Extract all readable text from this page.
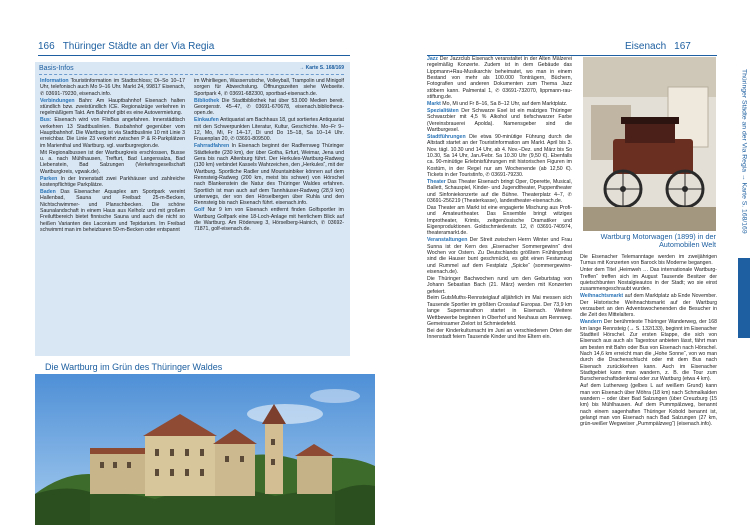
166 Thüringer Städte an der Via Regia
Basis-Infos	→ Karte S. 168/169

Information Touristinformation im Stadtschloss; Di–So 10–17 Uhr, telefonisch auch Mo 9–16 Uhr. Markt 24, 99817 Eisenach, ✆ 03691-79230, eisenach.info.

Verbindungen Bahn: Am Hauptbahnhof Eisenach halten stündlich bzw. zweistündlich ICE. Regionalzüge verkehren in regelmäßigem Takt. Am Bahnhof gibt es eine Autovermietung.

Bus: Eisenach wird von FlixBus angefahren. Innerstädtisch verkehren 13 Stadtbuslinien. Busbahnhof gegenüber vom Hauptbahnhof. Die Wartburg ist via Stadtbuslinie 10 mit Linie 3 erreichbar. Die Linie 23 verkehrt zwischen P & R-Parkplätzen im Marienthal und Wartburg. vgl. wartburgregion.de.

Mit Regionalbussen ist der Wartburgkreis erschlossen, Busse u. a. nach Mühlhausen, Treffurt, Bad Langensalza, Bad Liebenstein, Bad Salzungen (Verkehrsgesellschaft Wartburgkreis, vgwak.de).

Parken In der Innenstadt zwei Parkhäuser und zahlreiche kostenpflichtige Parkplätze.

Baden Das Eisenacher Aquaplex am Sportpark vereint Hallenbad, Sauna und Freibad: 25-m-Becken, Nichtschwimmer- und Planschbecken. Die schöne Saunalandschaft in einem Haus aus Kelholz und mit großem Freiluftbereich bietet finnische Sauna und auch die nicht so heißen Varianten des Laconium und Tepidarium. Im Freibad schwimmt man im beheizbaren 50-m-Becken oder entspannt

im Whirlliegen, Wasserrutsche, Volleyball, Trampolin und Minigolf sorgen für Abwechslung. Öffnungszeiten siehe Webseite. Sportpark 4, ✆ 03691-682300, sportbad-eisenach.de.

Bibliothek Die Stadtbibliothek hat über 53.000 Medien bereit. Georgenstr. 45–47, ✆ 03691-670678, eisenach.bibliotheca-open.de.

Einkaufen Antiquariat am Bachhaus 18, gut sortiertes Antiquariat mit den Schwerpunkten Literatur, Kultur, Geschichte. Mo–Fr 9–12, Mo, Mi, Fr 14–17, Di und Do 15–18, Sa 10–14 Uhr. Frauenplan 20, ✆ 03691-809500.

Fahrradfahren In Eisenach beginnt der Radfernweg Thüringer Städtekette (230 km), der über Gotha, Erfurt, Weimar, Jena und Gera bis nach Altenburg führt. Der Herkules-Wartburg-Radweg (130 km) verbindet Kassels Wahrzeichen, den „Herkules“, mit der Wartburg. Sportliche Radler und Mountainbiker können auf dem Rennsteig-Radweg (200 km, meist bis schwer) von Hörschel nach Blankenstein die Natur des Thüringer Waldes erfahren. Sportlich ist man auch auf dem Tannhäuser-Radweg (28,9 km) unterwegs, der von den Hörselbergen über Ruhla und den Rennsteig bis nach Eisenach führt. eisenach.info.

Golf Nur 9 km von Eisenach entfernt finden Golfsportler im Wartburg Golfpark eine 18-Loch-Anlage mit herrlichem Blick auf die Wartburg. Am Röderweg 3, Hörselberg-Hainich, ✆ 03692-71871, golf-eisenach.de.

Die Wartburg im Grün des Thüringer Waldes
Eisenach 167

Jazz Der Jazzclub Eisenach veranstaltet in der Alten Mälzerei regelmäßig Konzerte. Zudem ist in dem Gebäude das Lippmann+Rau-Musikarchiv beheimatet, wo man in einem Bestand von mehr als 100.000 Tonträgern, Büchern, Fotografien und anderen Dokumenten zum Thema Jazz stöbern kann. Palmental 1, ✆ 03691-732070, lippmann-rau-stiftung.de.

Markt Mo, Mi und Fr 8–16, Sa 8–12 Uhr, auf dem Marktplatz.

Spezialitäten Der Schwarze Esel ist ein malziges Thüringer Schwarzbier mit 4,5 % Alkohol und tiefschwarzer Farbe (Vereinsbrauerei Apolda). Namensgeber sind die Wartburgesel.

Stadtführungen Die etwa 90-minütige Führung durch die Altstadt startet an der Touristinformation am Markt. April bis 3. Nov. tägl. 10.30 und 14 Uhr, ab 4. Nov.–Dez. und März bis So 10.30, Sa 14 Uhr, Jan./Febr. Sa 10.30 Uhr (9,50 €). Ebenfalls ca. 90-minütige Erlebnisführungen mit historischen Figuren im Kostüm, in der Regel nur am Wochenende (ab 12,50 €). Tickets in der Touristinfo, ✆ 03691-79230.

Theater Das Theater Eisenach bringt Oper, Operette, Musical, Ballett, Schauspiel, Kinder- und Jugendtheater, Puppentheater und Sinfoniekonzerte auf die Bühne. Theaterplatz 4–7, ✆ 03691-256219 (Theaterkasse), landestheater-eisenach.de.

Das Theater am Markt ist eine engagierte Mischung aus Profi- und Amateurtheater. Das Ensemble bringt witziges Improtheater, Krimis, zeitgenössische Dramatiker und Eigenproduktionen. Goldschmiedenstr. 12, ✆ 03691-740974, theateramarkt.de.

Veranstaltungen Der Streit zwischen Herrn Winter und Frau Sunna ist der Kern des „Eisenacher Sommergewinn“ drei Wochen vor Ostern. Zu Deutschlands größtem Frühlingsfest sind die Hauser bunt geschmückt, es gibt einen Festumzug und Rummel auf dem Festplatz „Spicke“ (sommergewinn-eisenach.de).

Die Thüringer Bachwochen rund um den Geburtstag von Johann Sebastian Bach (21. März) werden mit Konzerten gefeiert.

Beim GutsMuths-Rennsteiglauf alljährlich im Mai messen sich Tausende Sportler im größten Crosslauf Europas. Der 73,9 km lange Supermarathon startet in Eisenach. Weitere Wettbewerbe beginnen in Oberhof und Neuhaus am Rennweg. Gemeinsamer Zielort ist Schmiedefeld.

Bei der Kinderkulturnacht im Juni an verschiedenen Orten der Innenstadt feiern Tausende Kinder und ihre Eltern ein.

Wartburg Motorwagen (1899) in der Automobilen Welt

Die Eisenacher Telemanntage werden im zweijährigen Turnus mit Konzerten von Barock bis Moderne begangen.

Unter dem Titel „Heimweh … Das internationale Wartburg-Treffen“ treffen sich im August Tausende Besitzer der quietschbunten Nostalgieautos in der Stadt; wo sie einst zusammengeschraubt wurden.

Weihnachtsmarkt auf dem Marktplatz ab Ende November. Der Historische Weihnachtsmarkt auf der Wartburg verzaubert an den Adventswochenenden die Besucher in die Zeit des Mittelalters.

Wandern Der berühmteste Thüringer Wanderweg, der 168 km lange Rennsteig (→ S. 132/133), beginnt im Eisenacher Stadtteil Hörschel. Zur ersten Etappe, die sich von Eisenach aus auch als Tagestour anbieten lässt, fährt man am besten mit Bahn oder Bus von Eisenach nach Hörschel. Nach 14,6 km erreicht man die „Hohe Sonne“, von wo man durch die Drachenschlucht oder mit dem Bus nach Eisenach zurückkehren kann. Auch im Eisenacher Stadtgebiet kann man wandern, z. B. die Tour zum Burschenschaftsdenkmal oder zur Wartburg (etwa 4 km).

Auf dem Lutherweg (gelbes L auf weißem Grund) kann man von Eisenach über Möhra (18 km) nach Schmalkalden wandern – oder über Bad Salzungen (über Creuzburg (15 km) bis Mühlhausen. Auf dem Pummpälzweg, benannt nach einem sagenhaften Thüringer Kobold benannt ist, gelangt man von Eisenach nach Bad Salzungen (27 km, grün-weißer Wegweiser „Pummpälzweg“) (eisenach.info).

Thüringer Städte an der Via Regia → Karte S. 168/169
